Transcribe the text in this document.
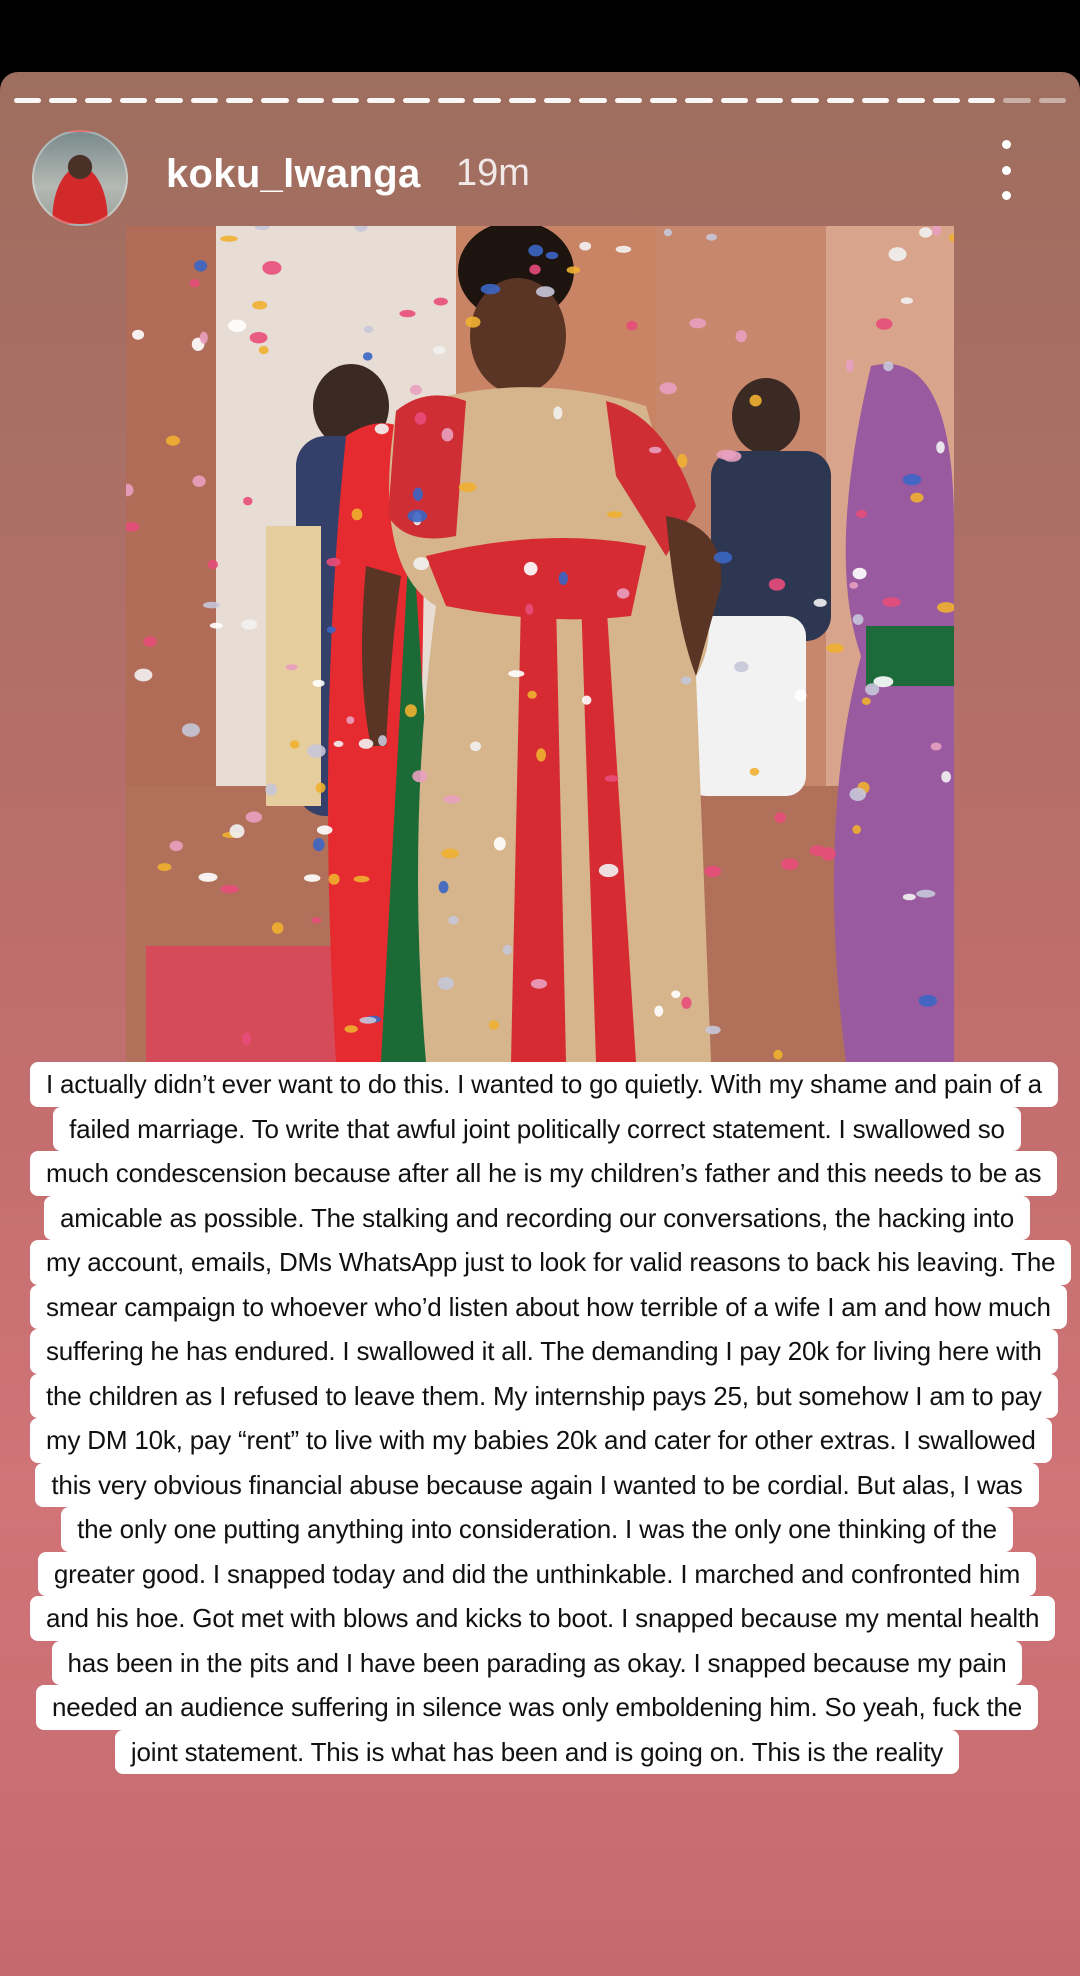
koku_lwanga 19m
I actually didn’t ever want to do this. I wanted to go quietly. With my shame and pain of a
failed marriage. To write that awful joint politically correct statement. I swallowed so
much condescension because after all he is my children’s father and this needs to be as
amicable as possible. The stalking and recording our conversations, the hacking into
my account, emails, DMs WhatsApp just to look for valid reasons to back his leaving. The
smear campaign to whoever who’d listen about how terrible of a wife I am and how much
suffering he has endured. I swallowed it all. The demanding I pay 20k for living here with
the children as I refused to leave them. My internship pays 25, but somehow I am to pay
my DM 10k, pay “rent” to live with my babies 20k and cater for other extras. I swallowed
this very obvious financial abuse because again I wanted to be cordial. But alas, I was
the only one putting anything into consideration. I was the only one thinking of the
greater good. I snapped today and did the unthinkable. I marched and confronted him
and his hoe. Got met with blows and kicks to boot. I snapped because my mental health
has been in the pits and I have been parading as okay. I snapped because my pain
needed an audience suffering in silence was only emboldening him. So yeah, fuck the
joint statement. This is what has been and is going on. This is the reality
